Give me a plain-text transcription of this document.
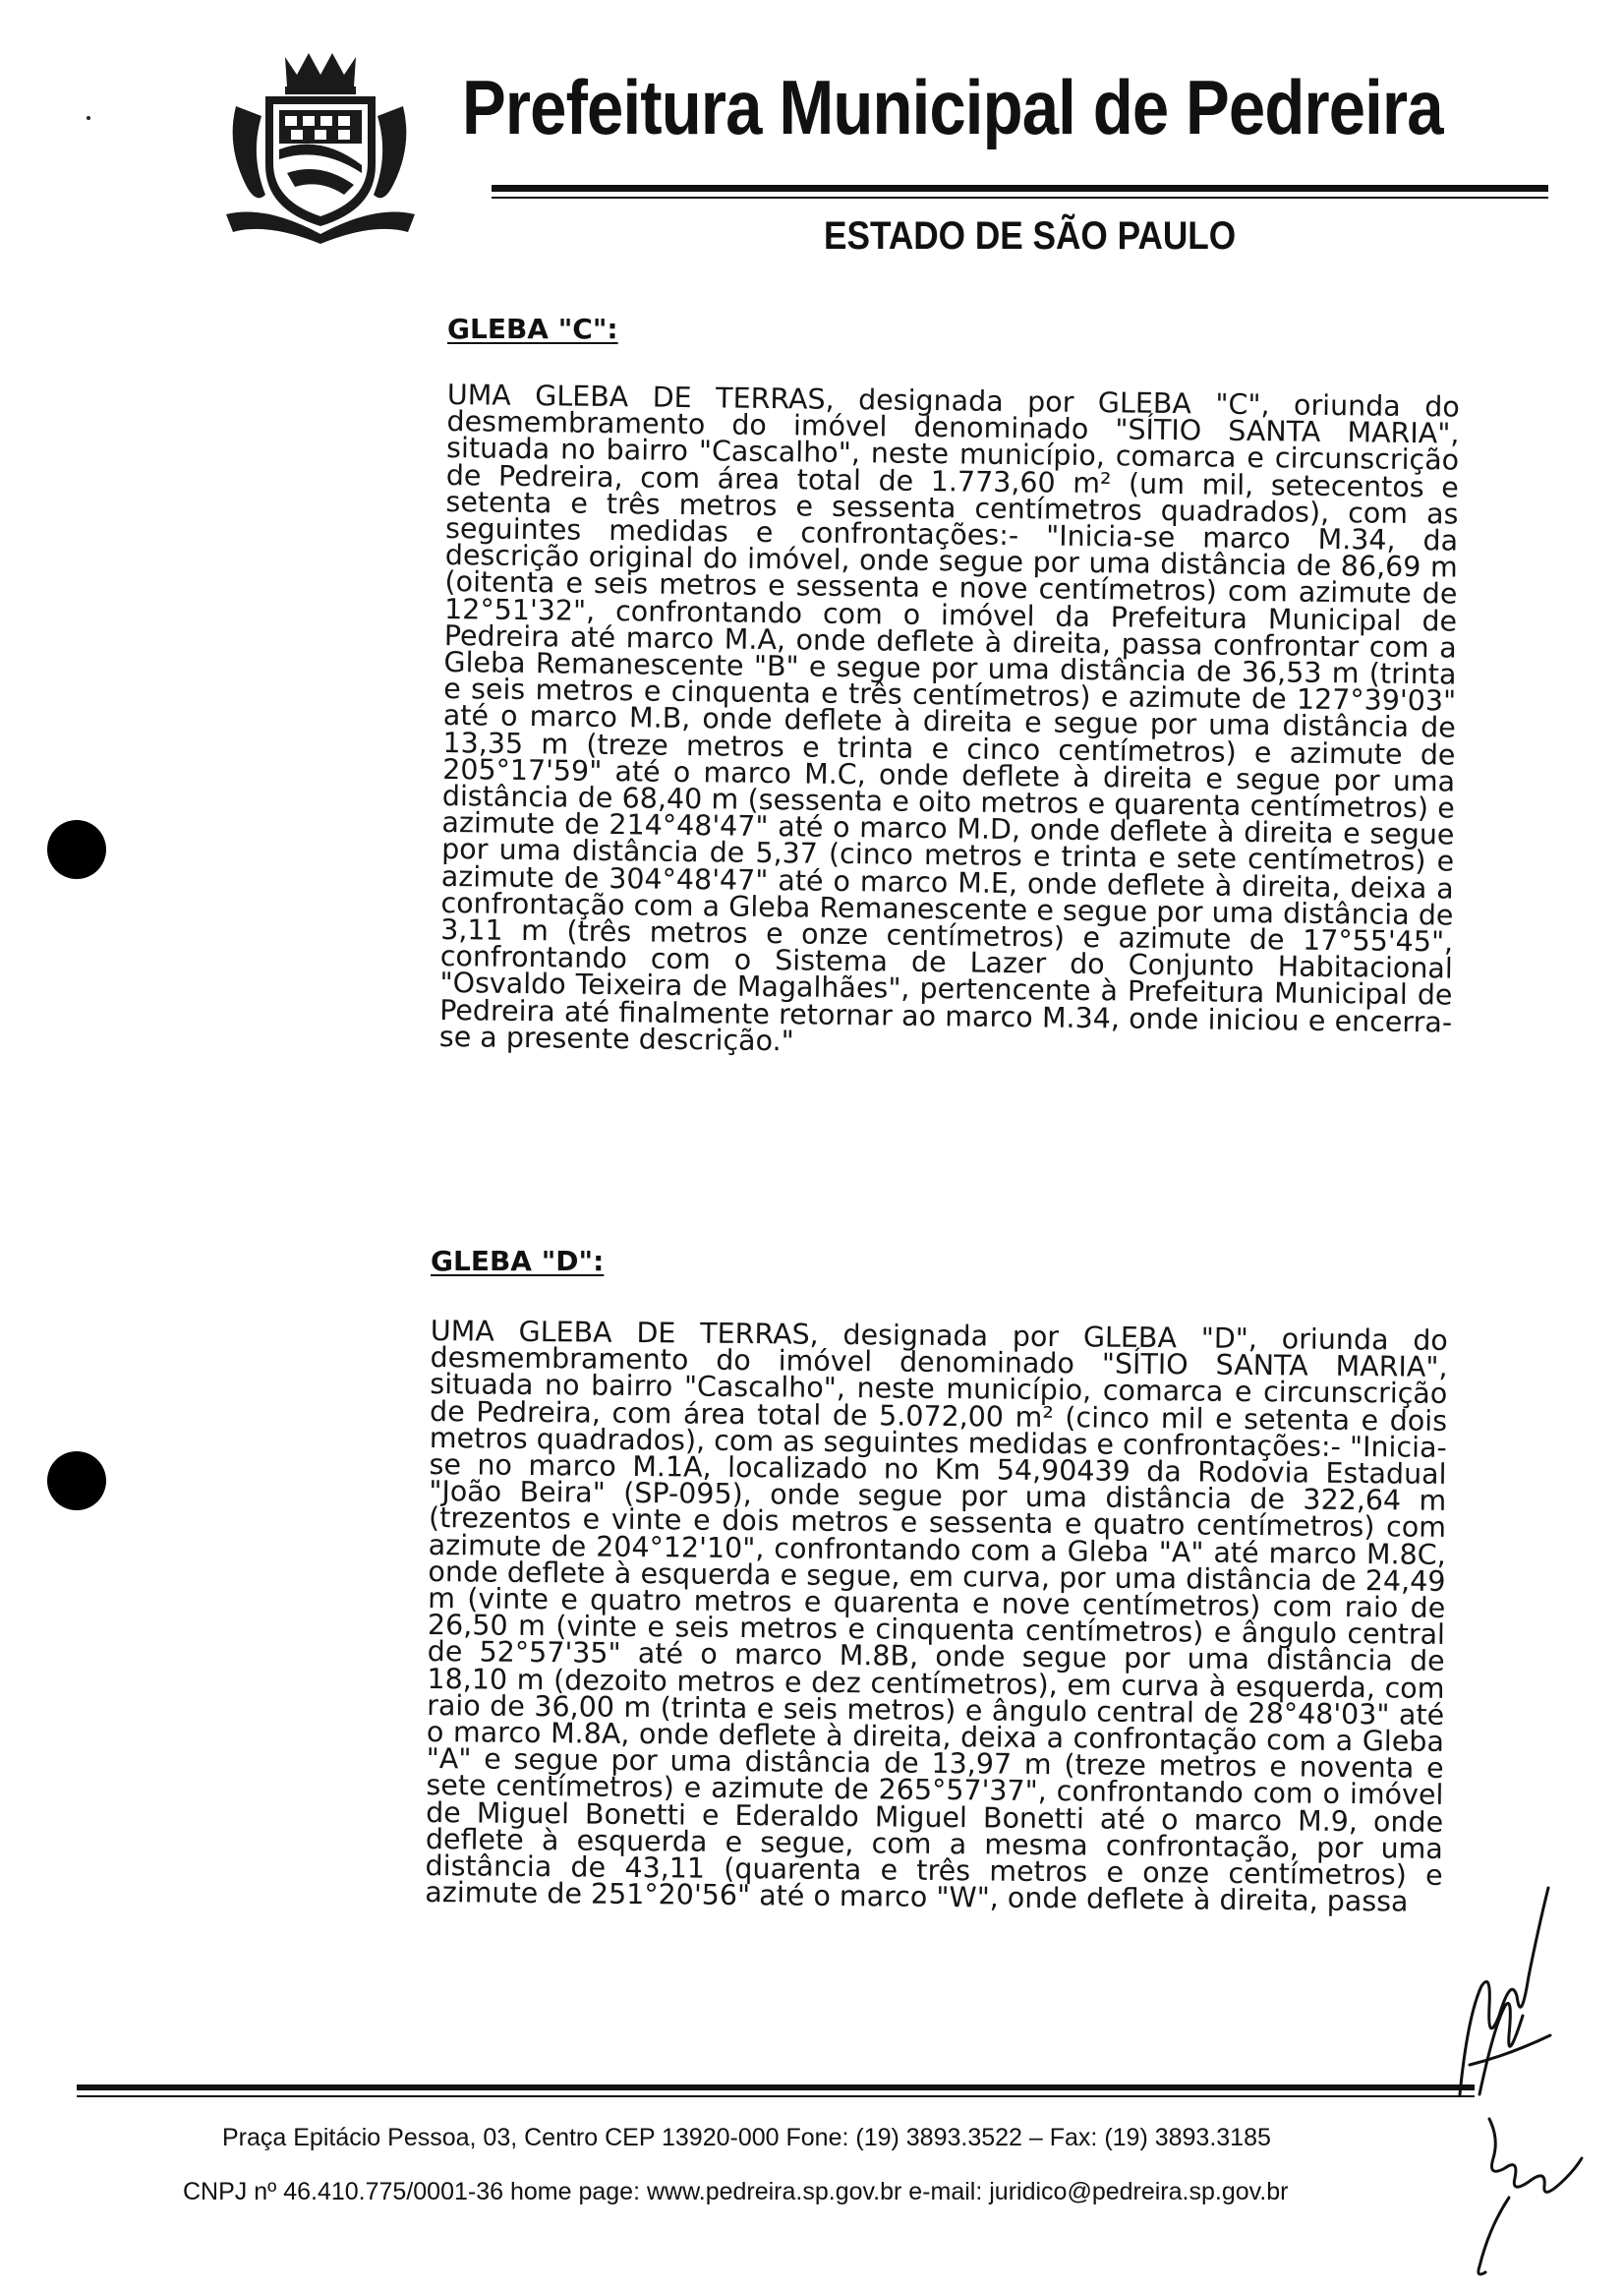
Prefeitura Municipal de Pedreira
ESTADO DE SÃO PAULO
GLEBA "C":
UMA GLEBA DE TERRAS, designada por GLEBA "C", oriunda do desmembramento do imóvel denominado "SÍTIO SANTA MARIA", situada no bairro "Cascalho", neste município, comarca e circunscrição de Pedreira, com área total de 1.773,60 m² (um mil, setecentos e setenta e três metros e sessenta centímetros quadrados), com as seguintes medidas e confrontações:- "Inicia-se marco M.34, da descrição original do imóvel, onde segue por uma distância de 86,69 m (oitenta e seis metros e sessenta e nove centímetros) com azimute de 12°51'32", confrontando com o imóvel da Prefeitura Municipal de Pedreira até marco M.A, onde deflete à direita, passa confrontar com a Gleba Remanescente "B" e segue por uma distância de 36,53 m (trinta e seis metros e cinquenta e três centímetros) e azimute de 127°39'03" até o marco M.B, onde deflete à direita e segue por uma distância de 13,35 m (treze metros e trinta e cinco centímetros) e azimute de 205°17'59" até o marco M.C, onde deflete à direita e segue por uma distância de 68,40 m (sessenta e oito metros e quarenta centímetros) e azimute de 214°48'47" até o marco M.D, onde deflete à direita e segue por uma distância de 5,37 (cinco metros e trinta e sete centímetros) e azimute de 304°48'47" até o marco M.E, onde deflete à direita, deixa a confrontação com a Gleba Remanescente e segue por uma distância de 3,11 m (três metros e onze centímetros) e azimute de 17°55'45", confrontando com o Sistema de Lazer do Conjunto Habitacional "Osvaldo Teixeira de Magalhães", pertencente à Prefeitura Municipal de Pedreira até finalmente retornar ao marco M.34, onde iniciou e encerra-se a presente descrição."
GLEBA "D":
UMA GLEBA DE TERRAS, designada por GLEBA "D", oriunda do desmembramento do imóvel denominado "SÍTIO SANTA MARIA", situada no bairro "Cascalho", neste município, comarca e circunscrição de Pedreira, com área total de 5.072,00 m² (cinco mil e setenta e dois metros quadrados), com as seguintes medidas e confrontações:- "Inicia-se no marco M.1A, localizado no Km 54,90439 da Rodovia Estadual "João Beira" (SP-095), onde segue por uma distância de 322,64 m (trezentos e vinte e dois metros e sessenta e quatro centímetros) com azimute de 204°12'10", confrontando com a Gleba "A" até marco M.8C, onde deflete à esquerda e segue, em curva, por uma distância de 24,49 m (vinte e quatro metros e quarenta e nove centímetros) com raio de 26,50 m (vinte e seis metros e cinquenta centímetros) e ângulo central de 52°57'35" até o marco M.8B, onde segue por uma distância de 18,10 m (dezoito metros e dez centímetros), em curva à esquerda, com raio de 36,00 m (trinta e seis metros) e ângulo central de 28°48'03" até o marco M.8A, onde deflete à direita, deixa a confrontação com a Gleba "A" e segue por uma distância de 13,97 m (treze metros e noventa e sete centímetros) e azimute de 265°57'37", confrontando com o imóvel de Miguel Bonetti e Ederaldo Miguel Bonetti até o marco M.9, onde deflete à esquerda e segue, com a mesma confrontação, por uma distância de 43,11 (quarenta e três metros e onze centímetros) e azimute de 251°20'56" até o marco "W", onde deflete à direita, passa
Praça Epitácio Pessoa, 03, Centro CEP 13920-000 Fone: (19) 3893.3522 – Fax: (19) 3893.3185
CNPJ nº 46.410.775/0001-36 home page: www.pedreira.sp.gov.br e-mail: juridico@pedreira.sp.gov.br
